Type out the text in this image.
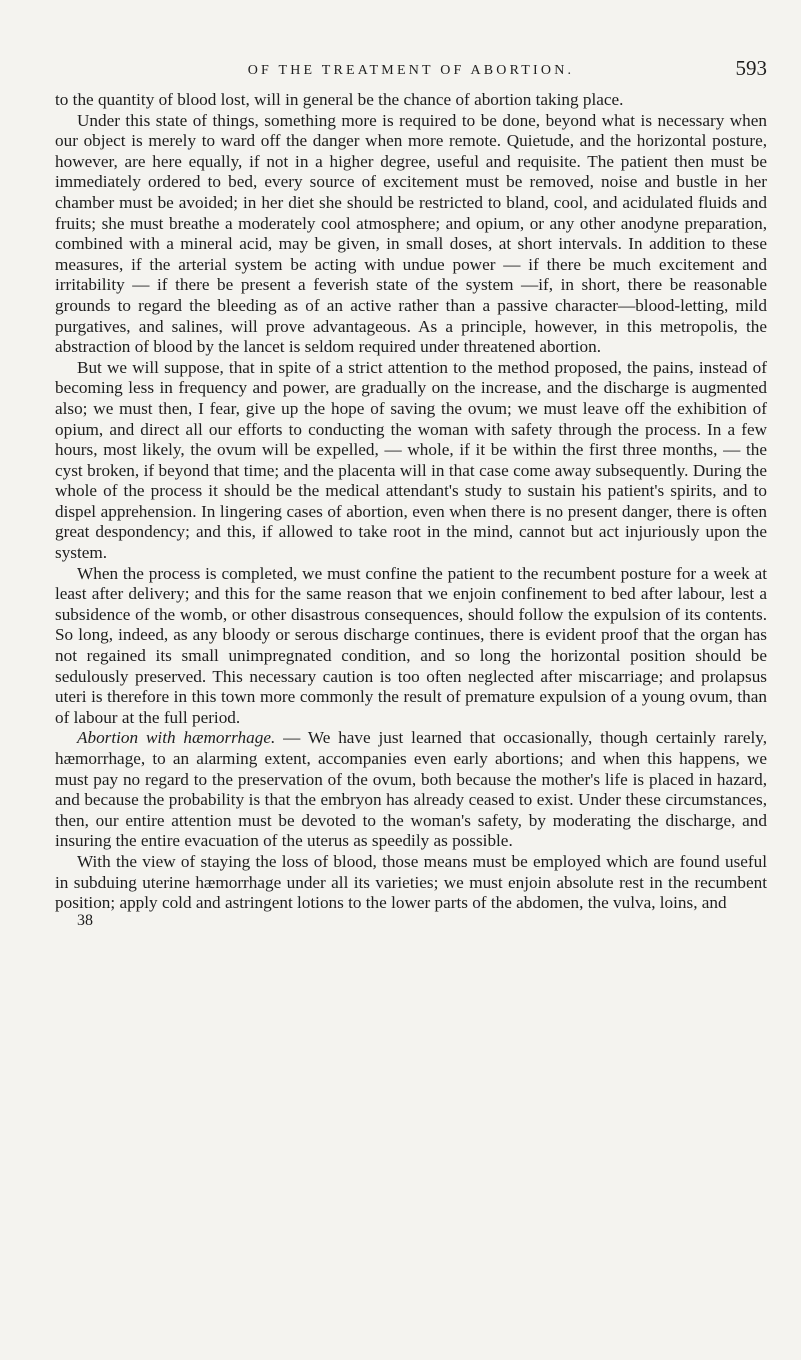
OF THE TREATMENT OF ABORTION.	593

to the quantity of blood lost, will in general be the chance of abortion taking place.

Under this state of things, something more is required to be done, beyond what is necessary when our object is merely to ward off the danger when more remote. Quietude, and the horizontal posture, however, are here equally, if not in a higher degree, useful and requisite. The patient then must be immediately ordered to bed, every source of excitement must be removed, noise and bustle in her chamber must be avoided; in her diet she should be restricted to bland, cool, and acidulated fluids and fruits; she must breathe a moderately cool atmosphere; and opium, or any other anodyne preparation, combined with a mineral acid, may be given, in small doses, at short intervals. In addition to these measures, if the arterial system be acting with undue power — if there be much excitement and irritability — if there be present a feverish state of the system —if, in short, there be reasonable grounds to regard the bleeding as of an active rather than a passive character—blood-letting, mild purgatives, and salines, will prove advantageous. As a principle, however, in this metropolis, the abstraction of blood by the lancet is seldom required under threatened abortion.

But we will suppose, that in spite of a strict attention to the method proposed, the pains, instead of becoming less in frequency and power, are gradually on the increase, and the discharge is augmented also; we must then, I fear, give up the hope of saving the ovum; we must leave off the exhibition of opium, and direct all our efforts to conducting the woman with safety through the process. In a few hours, most likely, the ovum will be expelled, — whole, if it be within the first three months, — the cyst broken, if beyond that time; and the placenta will in that case come away subsequently. During the whole of the process it should be the medical attendant's study to sustain his patient's spirits, and to dispel apprehension. In lingering cases of abortion, even when there is no present danger, there is often great despondency; and this, if allowed to take root in the mind, cannot but act injuriously upon the system.

When the process is completed, we must confine the patient to the recumbent posture for a week at least after delivery; and this for the same reason that we enjoin confinement to bed after labour, lest a subsidence of the womb, or other disastrous consequences, should follow the expulsion of its contents. So long, indeed, as any bloody or serous discharge continues, there is evident proof that the organ has not regained its small unimpregnated condition, and so long the horizontal position should be sedulously preserved. This necessary caution is too often neglected after miscarriage; and prolapsus uteri is therefore in this town more commonly the result of premature expulsion of a young ovum, than of labour at the full period.

Abortion with hæmorrhage. — We have just learned that occasionally, though certainly rarely, hæmorrhage, to an alarming extent, accompanies even early abortions; and when this happens, we must pay no regard to the preservation of the ovum, both because the mother's life is placed in hazard, and because the probability is that the embryon has already ceased to exist. Under these circumstances, then, our entire attention must be devoted to the woman's safety, by moderating the discharge, and insuring the entire evacuation of the uterus as speedily as possible.

With the view of staying the loss of blood, those means must be employed which are found useful in subduing uterine hæmorrhage under all its varieties; we must enjoin absolute rest in the recumbent position; apply cold and astringent lotions to the lower parts of the abdomen, the vulva, loins, and

38
